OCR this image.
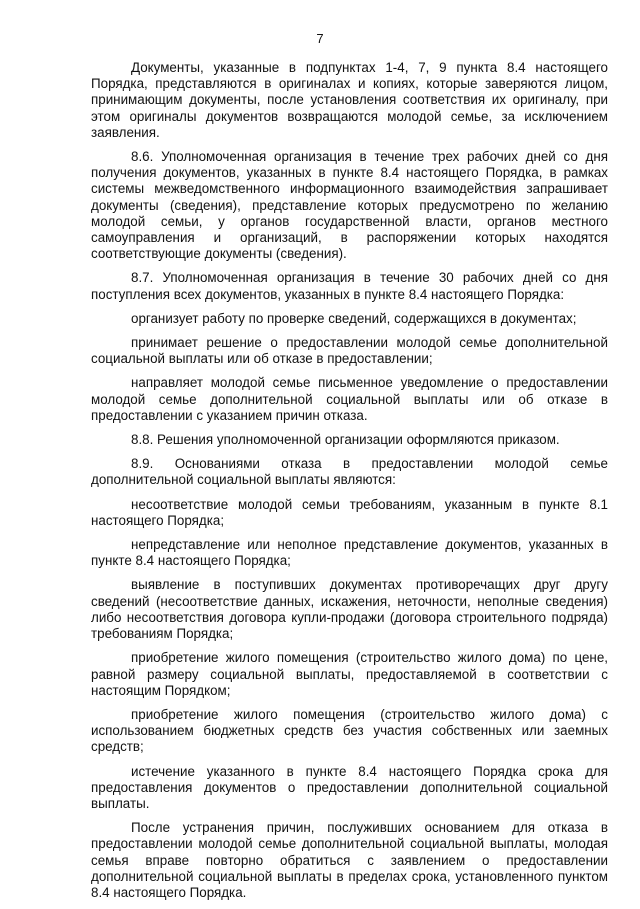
7

Документы, указанные в подпунктах 1-4, 7, 9 пункта 8.4 настоящего Порядка, представляются в оригиналах и копиях, которые заверяются лицом, принимающим документы, после установления соответствия их оригиналу, при этом оригиналы документов возвращаются молодой семье, за исключением заявления.

8.6. Уполномоченная организация в течение трех рабочих дней со дня получения документов, указанных в пункте 8.4 настоящего Порядка, в рамках системы межведомственного информационного взаимодействия запрашивает документы (сведения), представление которых предусмотрено по желанию молодой семьи, у органов государственной власти, органов местного самоуправления и организаций, в распоряжении которых находятся соответствующие документы (сведения).

8.7. Уполномоченная организация в течение 30 рабочих дней со дня поступления всех документов, указанных в пункте 8.4 настоящего Порядка:

организует работу по проверке сведений, содержащихся в документах;

принимает решение о предоставлении молодой семье дополнительной социальной выплаты или об отказе в предоставлении;

направляет молодой семье письменное уведомление о предоставлении молодой семье дополнительной социальной выплаты или об отказе в предоставлении с указанием причин отказа.

8.8. Решения уполномоченной организации оформляются приказом.

8.9. Основаниями отказа в предоставлении молодой семье дополнительной социальной выплаты являются:

несоответствие молодой семьи требованиям, указанным в пункте 8.1 настоящего Порядка;

непредставление или неполное представление документов, указанных в пункте 8.4 настоящего Порядка;

выявление в поступивших документах противоречащих друг другу сведений (несоответствие данных, искажения, неточности, неполные сведения) либо несоответствия договора купли-продажи (договора строительного подряда) требованиям Порядка;

приобретение жилого помещения (строительство жилого дома) по цене, равной размеру социальной выплаты, предоставляемой в соответствии с настоящим Порядком;

приобретение жилого помещения (строительство жилого дома) с использованием бюджетных средств без участия собственных или заемных средств;

истечение указанного в пункте 8.4 настоящего Порядка срока для предоставления документов о предоставлении дополнительной социальной выплаты.

После устранения причин, послуживших основанием для отказа в предоставлении молодой семье дополнительной социальной выплаты, молодая семья вправе повторно обратиться с заявлением о предоставлении дополнительной социальной выплаты в пределах срока, установленного пунктом 8.4 настоящего Порядка.
